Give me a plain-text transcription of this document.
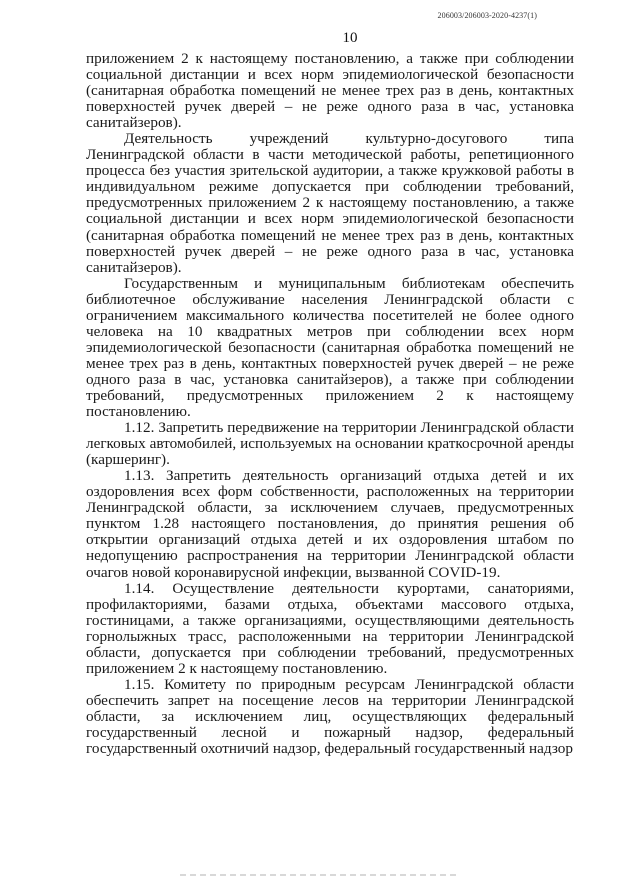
206003/206003-2020-4237(1)
10

приложением 2 к настоящему постановлению, а также при соблюдении социальной дистанции и всех норм эпидемиологической безопасности (санитарная обработка помещений не менее трех раз в день, контактных поверхностей ручек дверей – не реже одного раза в час, установка санитайзеров).

Деятельность учреждений культурно-досугового типа Ленинградской области в части методической работы, репетиционного процесса без участия зрительской аудитории, а также кружковой работы в индивидуальном режиме допускается при соблюдении требований, предусмотренных приложением 2 к настоящему постановлению, а также социальной дистанции и всех норм эпидемиологической безопасности (санитарная обработка помещений не менее трех раз в день, контактных поверхностей ручек дверей – не реже одного раза в час, установка санитайзеров).

Государственным и муниципальным библиотекам обеспечить библиотечное обслуживание населения Ленинградской области с ограничением максимального количества посетителей не более одного человека на 10 квадратных метров при соблюдении всех норм эпидемиологической безопасности (санитарная обработка помещений не менее трех раз в день, контактных поверхностей ручек дверей – не реже одного раза в час, установка санитайзеров), а также при соблюдении требований, предусмотренных приложением 2 к настоящему постановлению.

1.12. Запретить передвижение на территории Ленинградской области легковых автомобилей, используемых на основании краткосрочной аренды (каршеринг).

1.13. Запретить деятельность организаций отдыха детей и их оздоровления всех форм собственности, расположенных на территории Ленинградской области, за исключением случаев, предусмотренных пунктом 1.28 настоящего постановления, до принятия решения об открытии организаций отдыха детей и их оздоровления штабом по недопущению распространения на территории Ленинградской области очагов новой коронавирусной инфекции, вызванной COVID-19.

1.14. Осуществление деятельности курортами, санаториями, профилакториями, базами отдыха, объектами массового отдыха, гостиницами, а также организациями, осуществляющими деятельность горнолыжных трасс, расположенными на территории Ленинградской области, допускается при соблюдении требований, предусмотренных приложением 2 к настоящему постановлению.

1.15. Комитету по природным ресурсам Ленинградской области обеспечить запрет на посещение лесов на территории Ленинградской области, за исключением лиц, осуществляющих федеральный государственный лесной и пожарный надзор, федеральный государственный охотничий надзор, федеральный государственный надзор
